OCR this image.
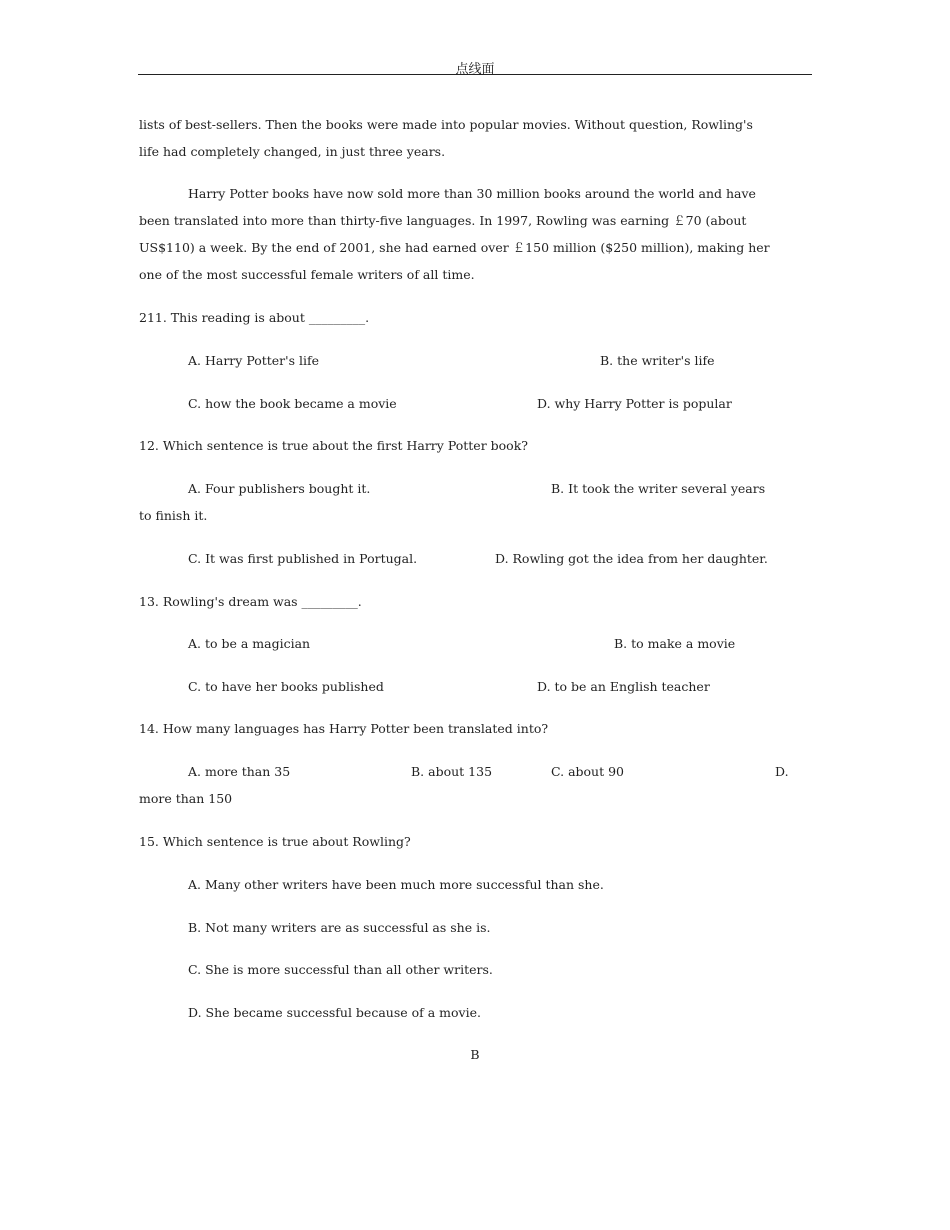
点线面
lists of best-sellers. Then the books were made into popular movies. Without question, Rowling's
life had completely changed, in just three years.
Harry Potter books have now sold more than 30 million books around the world and have
been translated into more than thirty-five languages. In 1997, Rowling was earning ￡70 (about
US$110) a week. By the end of 2001, she had earned over ￡150 million ($250 million), making her
one of the most successful female writers of all time.
211. This reading is about _________.
A. Harry Potter's life	B. the writer's life
C. how the book became a movie	D. why Harry Potter is popular
12. Which sentence is true about the first Harry Potter book?
A. Four publishers bought it.	B. It took the writer several years
to finish it.
C. It was first published in Portugal.	D. Rowling got the idea from her daughter.
13. Rowling's dream was _________.
A. to be a magician	B. to make a movie
C. to have her books published	D. to be an English teacher
14. How many languages has Harry Potter been translated into?
A. more than 35	B. about 135	C. about 90	D.
more than 150
15. Which sentence is true about Rowling?
A. Many other writers have been much more successful than she.
B. Not many writers are as successful as she is.
C. She is more successful than all other writers.
D. She became successful because of a movie.
B
